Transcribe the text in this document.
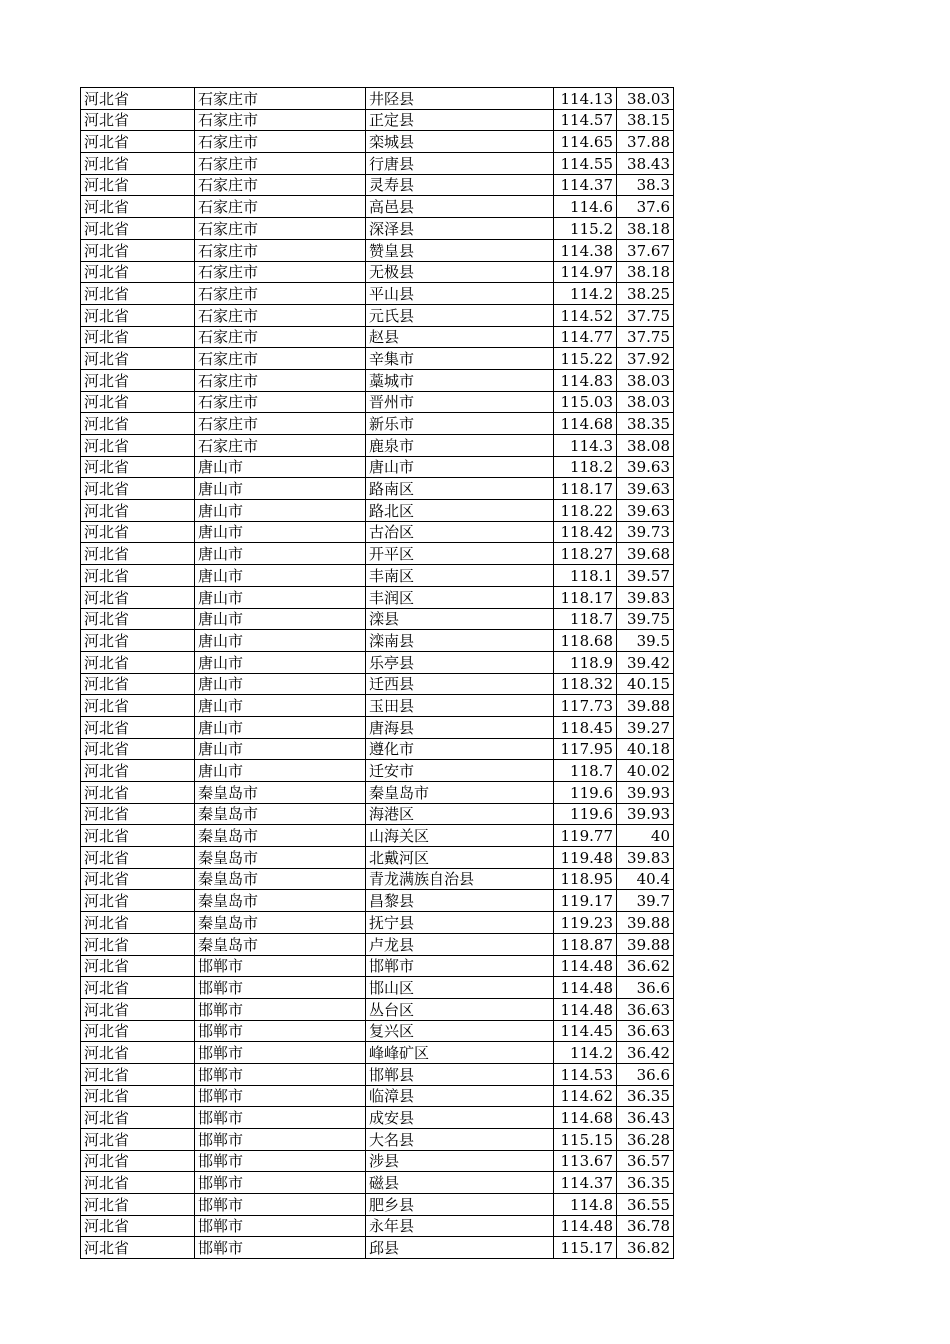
河北省	石家庄市	井陉县	114.13	38.03
河北省	石家庄市	正定县	114.57	38.15
河北省	石家庄市	栾城县	114.65	37.88
河北省	石家庄市	行唐县	114.55	38.43
河北省	石家庄市	灵寿县	114.37	38.3
河北省	石家庄市	高邑县	114.6	37.6
河北省	石家庄市	深泽县	115.2	38.18
河北省	石家庄市	赞皇县	114.38	37.67
河北省	石家庄市	无极县	114.97	38.18
河北省	石家庄市	平山县	114.2	38.25
河北省	石家庄市	元氏县	114.52	37.75
河北省	石家庄市	赵县	114.77	37.75
河北省	石家庄市	辛集市	115.22	37.92
河北省	石家庄市	藁城市	114.83	38.03
河北省	石家庄市	晋州市	115.03	38.03
河北省	石家庄市	新乐市	114.68	38.35
河北省	石家庄市	鹿泉市	114.3	38.08
河北省	唐山市	唐山市	118.2	39.63
河北省	唐山市	路南区	118.17	39.63
河北省	唐山市	路北区	118.22	39.63
河北省	唐山市	古冶区	118.42	39.73
河北省	唐山市	开平区	118.27	39.68
河北省	唐山市	丰南区	118.1	39.57
河北省	唐山市	丰润区	118.17	39.83
河北省	唐山市	滦县	118.7	39.75
河北省	唐山市	滦南县	118.68	39.5
河北省	唐山市	乐亭县	118.9	39.42
河北省	唐山市	迁西县	118.32	40.15
河北省	唐山市	玉田县	117.73	39.88
河北省	唐山市	唐海县	118.45	39.27
河北省	唐山市	遵化市	117.95	40.18
河北省	唐山市	迁安市	118.7	40.02
河北省	秦皇岛市	秦皇岛市	119.6	39.93
河北省	秦皇岛市	海港区	119.6	39.93
河北省	秦皇岛市	山海关区	119.77	40
河北省	秦皇岛市	北戴河区	119.48	39.83
河北省	秦皇岛市	青龙满族自治县	118.95	40.4
河北省	秦皇岛市	昌黎县	119.17	39.7
河北省	秦皇岛市	抚宁县	119.23	39.88
河北省	秦皇岛市	卢龙县	118.87	39.88
河北省	邯郸市	邯郸市	114.48	36.62
河北省	邯郸市	邯山区	114.48	36.6
河北省	邯郸市	丛台区	114.48	36.63
河北省	邯郸市	复兴区	114.45	36.63
河北省	邯郸市	峰峰矿区	114.2	36.42
河北省	邯郸市	邯郸县	114.53	36.6
河北省	邯郸市	临漳县	114.62	36.35
河北省	邯郸市	成安县	114.68	36.43
河北省	邯郸市	大名县	115.15	36.28
河北省	邯郸市	涉县	113.67	36.57
河北省	邯郸市	磁县	114.37	36.35
河北省	邯郸市	肥乡县	114.8	36.55
河北省	邯郸市	永年县	114.48	36.78
河北省	邯郸市	邱县	115.17	36.82
